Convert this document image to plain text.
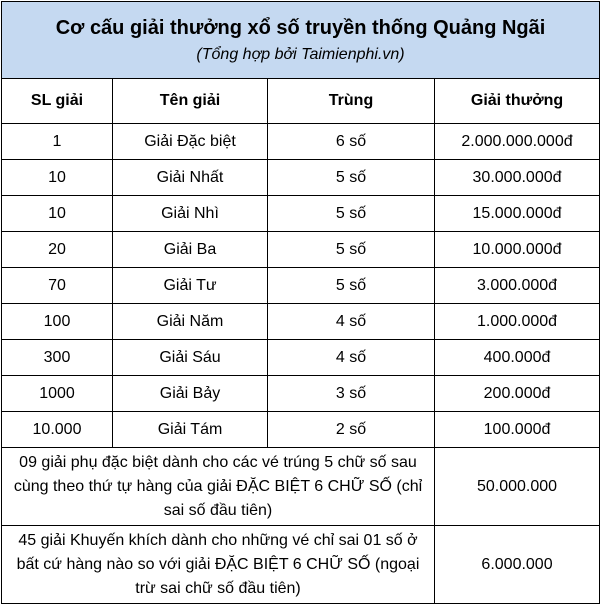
Cơ cấu giải thưởng xổ số truyền thống Quảng Ngãi
(Tổng hợp bởi Taimienphi.vn)			

SL giải	Tên giải	Trùng	Giải thưởng
1	Giải Đặc biệt	6 số	2.000.000.000đ
10	Giải Nhất	5 số	30.000.000đ
10	Giải Nhì	5 số	15.000.000đ
20	Giải Ba	5 số	10.000.000đ
70	Giải Tư	5 số	3.000.000đ
100	Giải Năm	4 số	1.000.000đ
300	Giải Sáu	4 số	400.000đ
1000	Giải Bảy	3 số	200.000đ
10.000	Giải Tám	2 số	100.000đ
09 giải phụ đặc biệt dành cho các vé trúng 5 chữ số sau cùng theo thứ tự hàng của giải ĐẶC BIỆT 6 CHỮ SỐ (chỉ sai số đầu tiên)			50.000.000
45 giải Khuyến khích dành cho những vé chỉ sai 01 số ở bất cứ hàng nào so với giải ĐẶC BIỆT 6 CHỮ SỐ (ngoại trừ sai chữ số đầu tiên)			6.000.000
